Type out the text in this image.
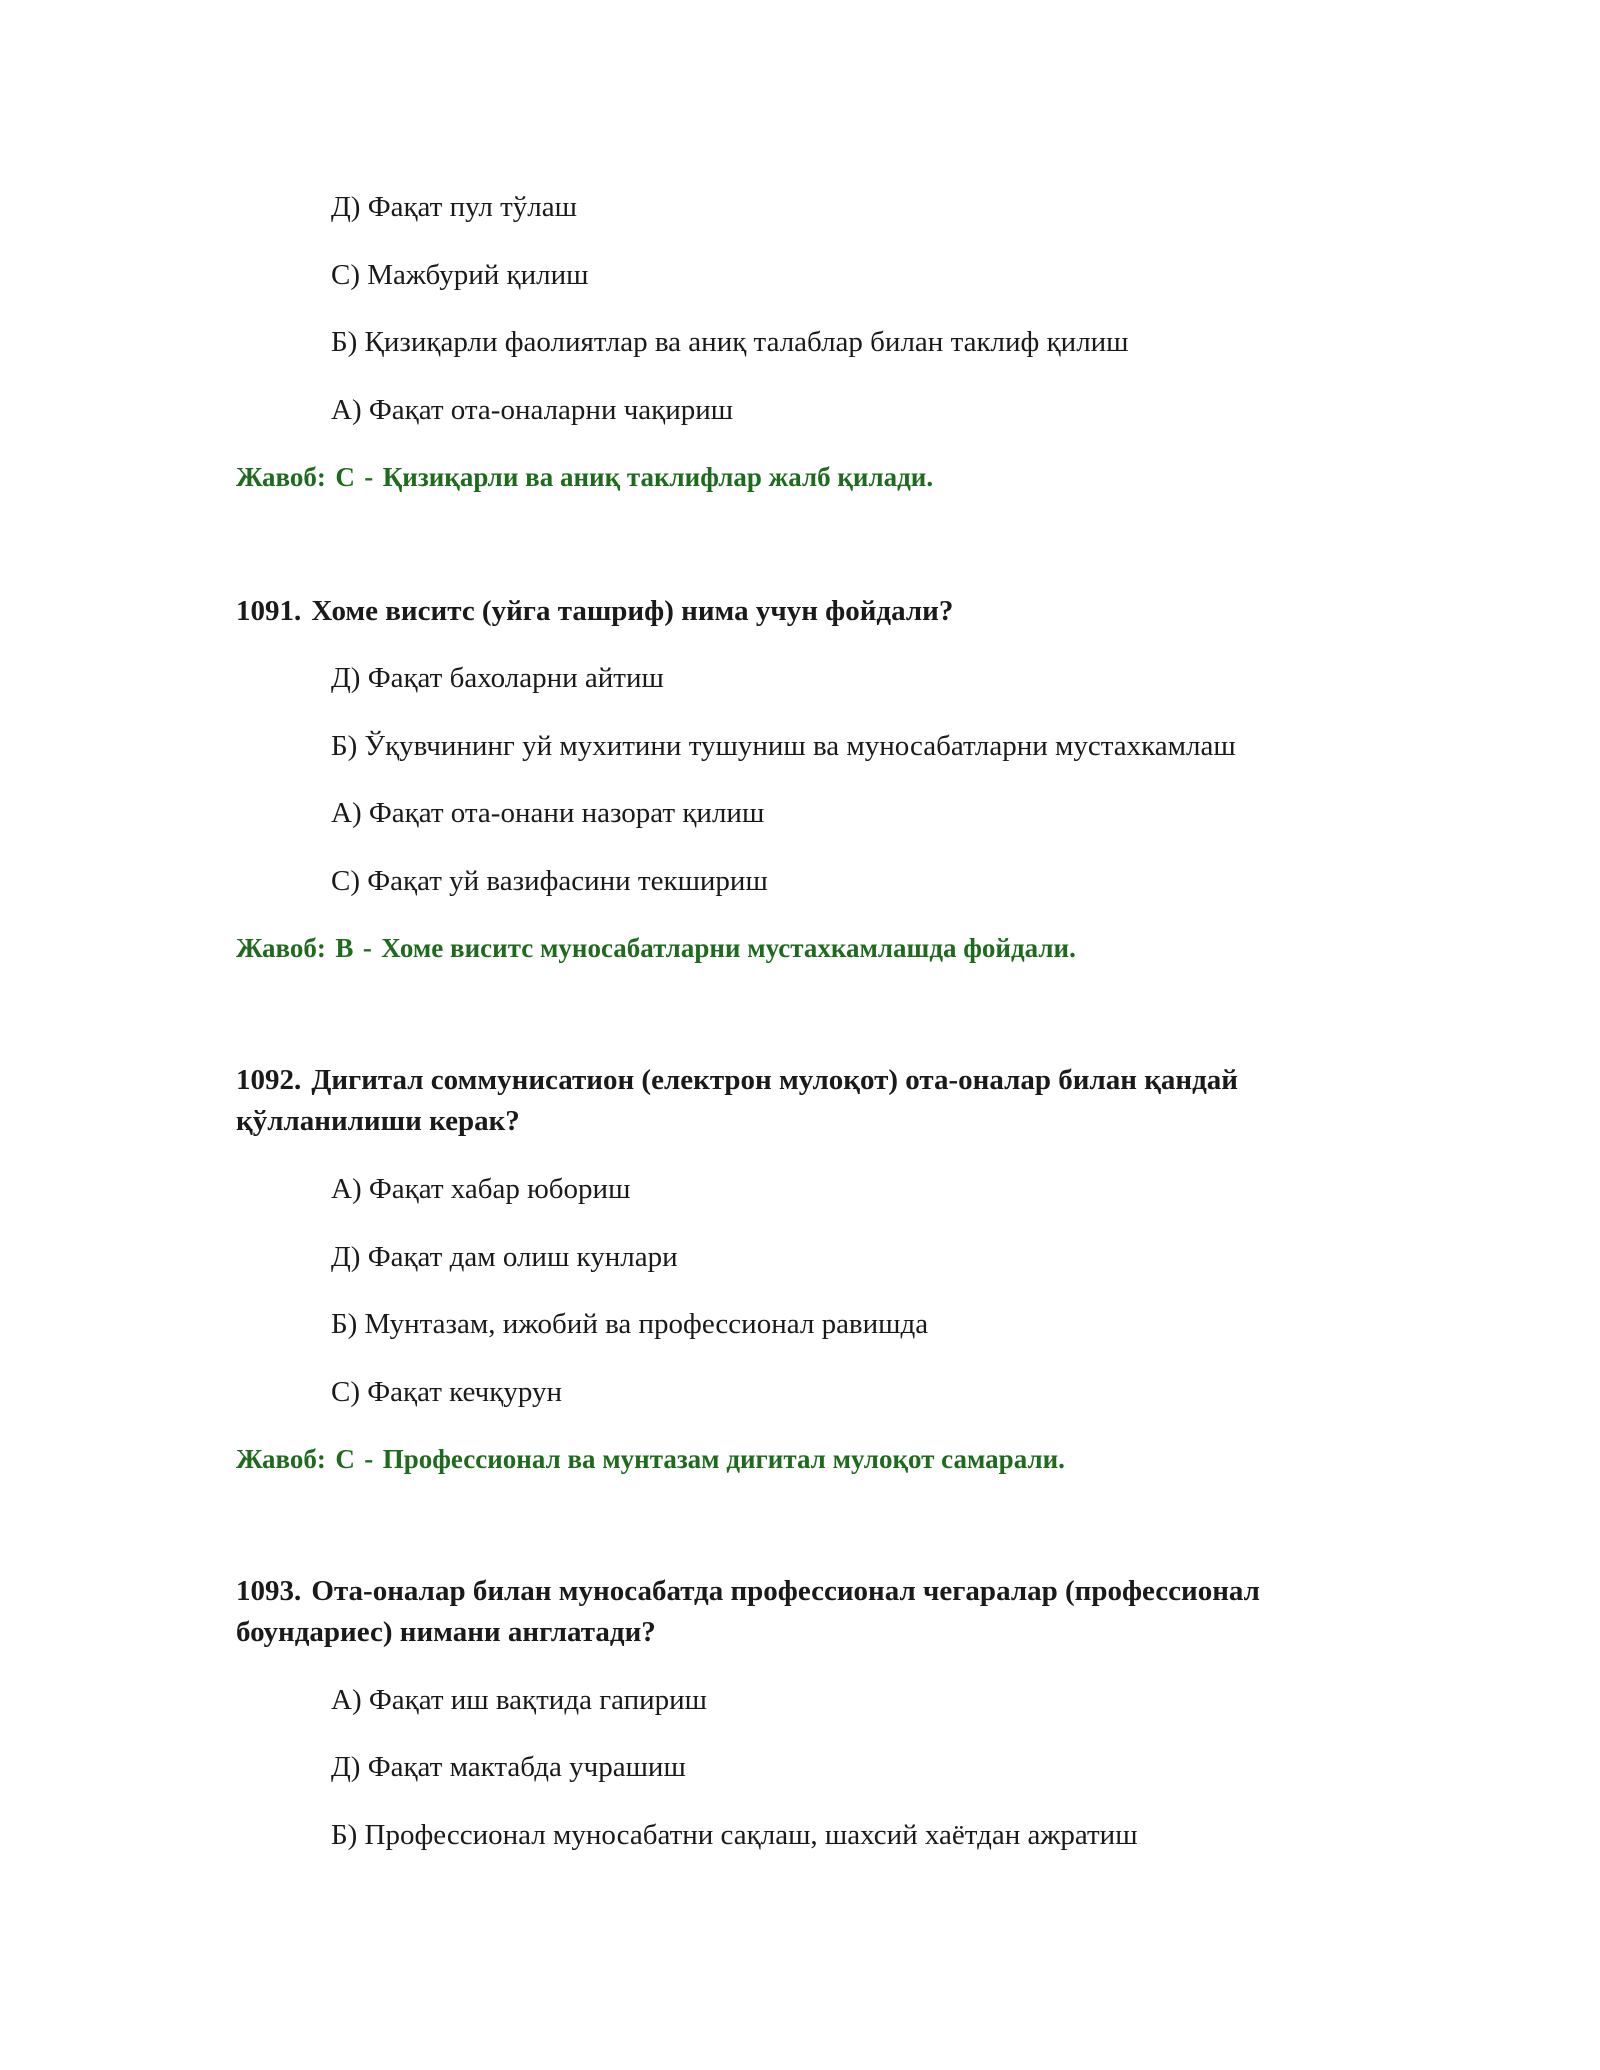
Д) Фақат пул тўлаш
С) Мажбурий қилиш
Б) Қизиқарли фаолиятлар ва аниқ талаблар билан таклиф қилиш
А) Фақат ота-оналарни чақириш
Жавоб: C - Қизиқарли ва аниқ таклифлар жалб қилади.
1091. Хоме виситс (уйга ташриф) нима учун фойдали?
Д) Фақат бахоларни айтиш
Б) Ўқувчининг уй мухитини тушуниш ва муносабатларни мустахкамлаш
А) Фақат ота-онани назорат қилиш
С) Фақат уй вазифасини текшириш
Жавоб: B - Хоме виситс муносабатларни мустахкамлашда фойдали.
1092. Дигитал соммунисатион (електрон мулоқот) ота-оналар билан қандай
қўлланилиши керак?
А) Фақат хабар юбориш
Д) Фақат дам олиш кунлари
Б) Мунтазам, ижобий ва профессионал равишда
С) Фақат кечқурун
Жавоб: C - Профессионал ва мунтазам дигитал мулоқот самарали.
1093. Ота-оналар билан муносабатда профессионал чегаралар (профессионал
боундариес) нимани англатади?
А) Фақат иш вақтида гапириш
Д) Фақат мактабда учрашиш
Б) Профессионал муносабатни сақлаш, шахсий хаётдан ажратиш
